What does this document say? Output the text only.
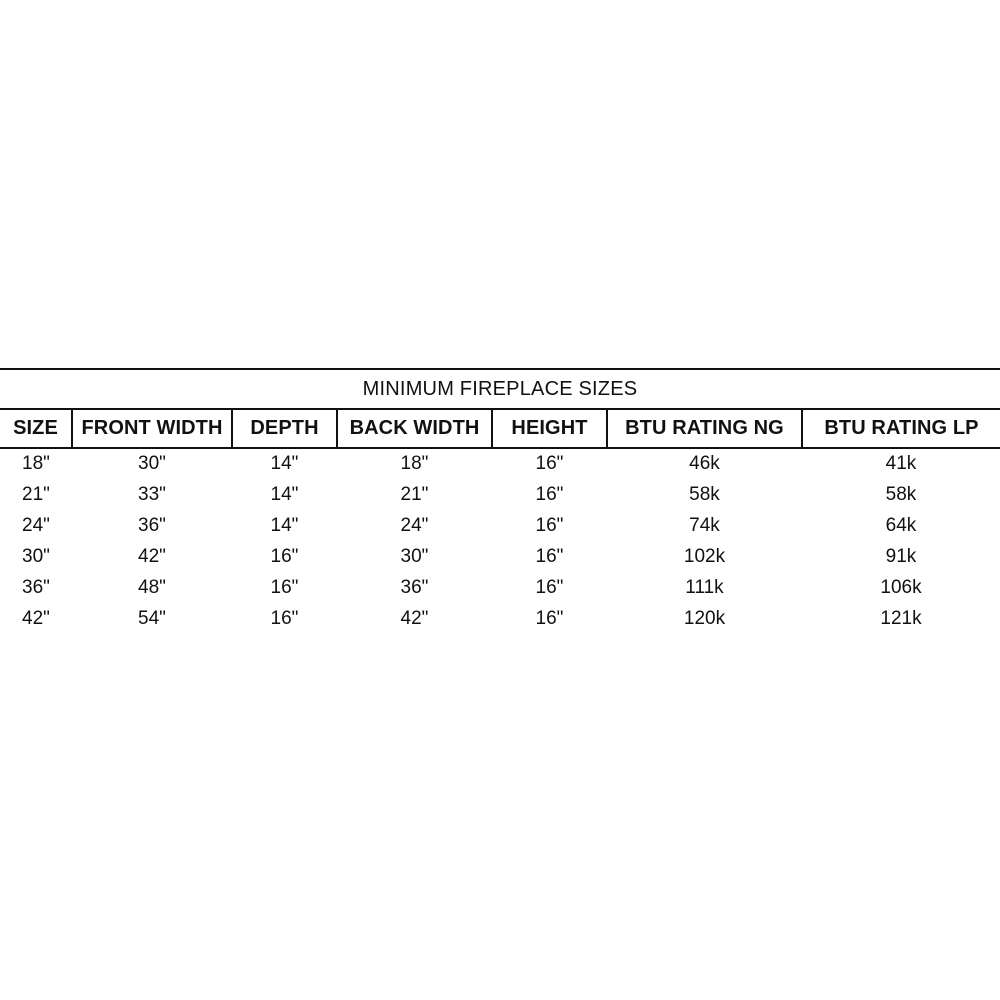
MINIMUM FIREPLACE SIZES						
SIZE	FRONT WIDTH	DEPTH	BACK WIDTH	HEIGHT	BTU RATING NG	BTU RATING LP
18"	30"	14"	18"	16"	46k	41k
21"	33"	14"	21"	16"	58k	58k
24"	36"	14"	24"	16"	74k	64k
30"	42"	16"	30"	16"	102k	91k
36"	48"	16"	36"	16"	111k	106k
42"	54"	16"	42"	16"	120k	121k
